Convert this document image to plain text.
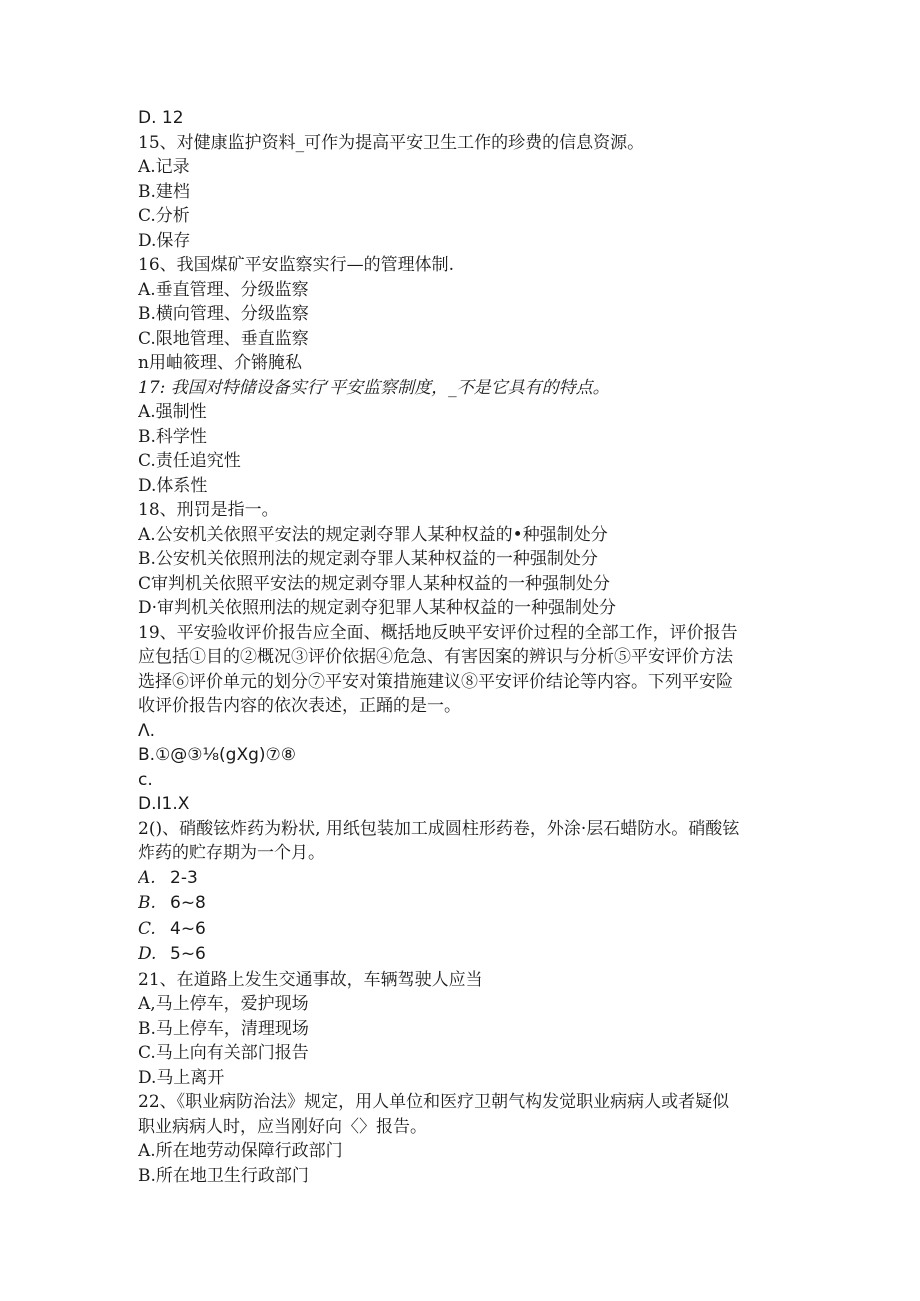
D. 12
15、对健康监护资料_可作为提高平安卫生工作的珍费的信息资源。
A.记录
B.建档
C.分析
D.保存
16、我国煤矿平安监察实行—的管理体制.
A.垂直管理、分级监察
B.横向管理、分级监察
C.限地管理、垂直监察
n用岫筱理、介锵腌私
17: 我国对特储设备实行‘平安监察制度，_不是它具有的特点。
A.强制性
B.科学性
C.责任追究性
D.体系性
18、刑罚是指一。
A.公安机关依照平安法的规定剥夺罪人某种权益的•种强制处分
B.公安机关依照刑法的规定剥夺罪人某种权益的一种强制处分
C审判机关依照平安法的规定剥夺罪人某种权益的一种强制处分
D·审判机关依照刑法的规定剥夺犯罪人某种权益的一种强制处分
19、平安验收评价报告应全面、概括地反映平安评价过程的全部工作，评价报告
应包括①目的②概况③评价依据④危急、有害因案的辨识与分析⑤平安评价方法
选择⑥评价单元的划分⑦平安对策措施建议⑧平安评价结论等内容。下列平安险
收评价报告内容的依次表述，正踊的是一。
Λ.
B.①@③⅛(gXg)⑦⑧
c.
D.I1.X
2()、硝酸铉炸药为粉状, 用纸包装加工成圆柱形药卷，外涂·层石蜡防水。硝酸铉
炸药的贮存期为一个月。
A. 2-3
B. 6~8
C. 4~6
D. 5~6
21、在道路上发生交通事故，车辆驾驶人应当
A,马上停车，爱护现场
B.马上停车，清理现场
C.马上向有关部门报告
D.马上离开
22、《职业病防治法》规定，用人单位和医疗卫朝气构发觉职业病病人或者疑似
职业病病人时，应当刚好向〈〉报告。
A.所在地劳动保障行政部门
B.所在地卫生行政部门
